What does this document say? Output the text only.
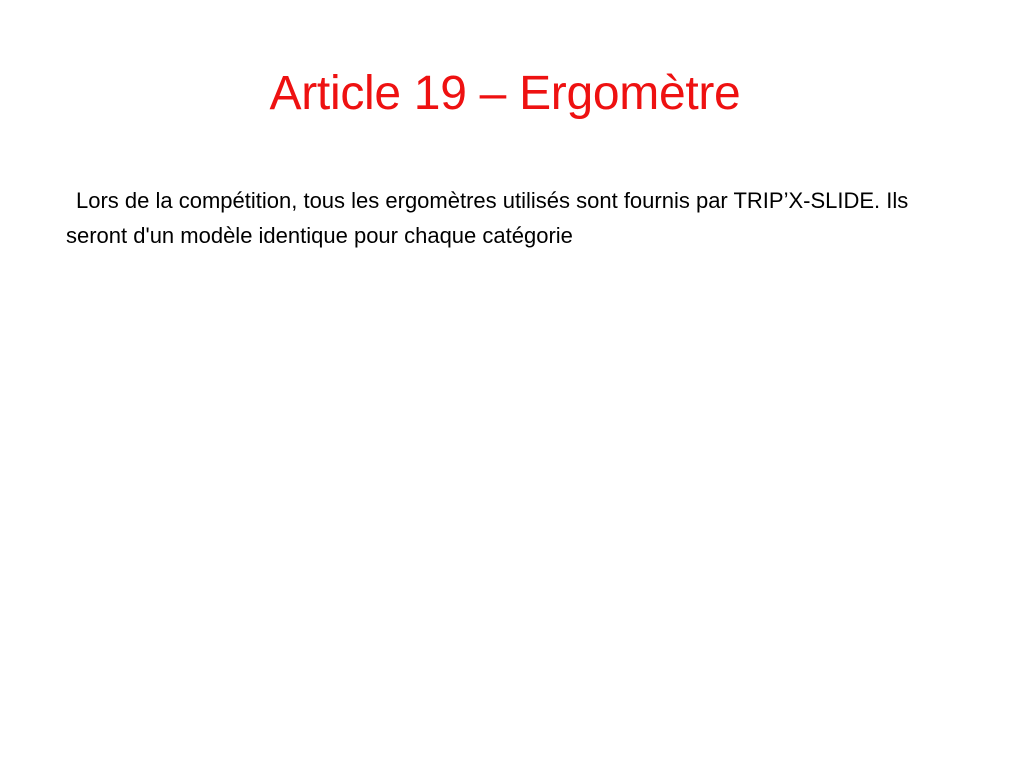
Article 19 – Ergomètre

Lors de la compétition, tous les ergomètres utilisés sont fournis par TRIP’X-SLIDE. Ils seront d'un modèle identique pour chaque catégorie
